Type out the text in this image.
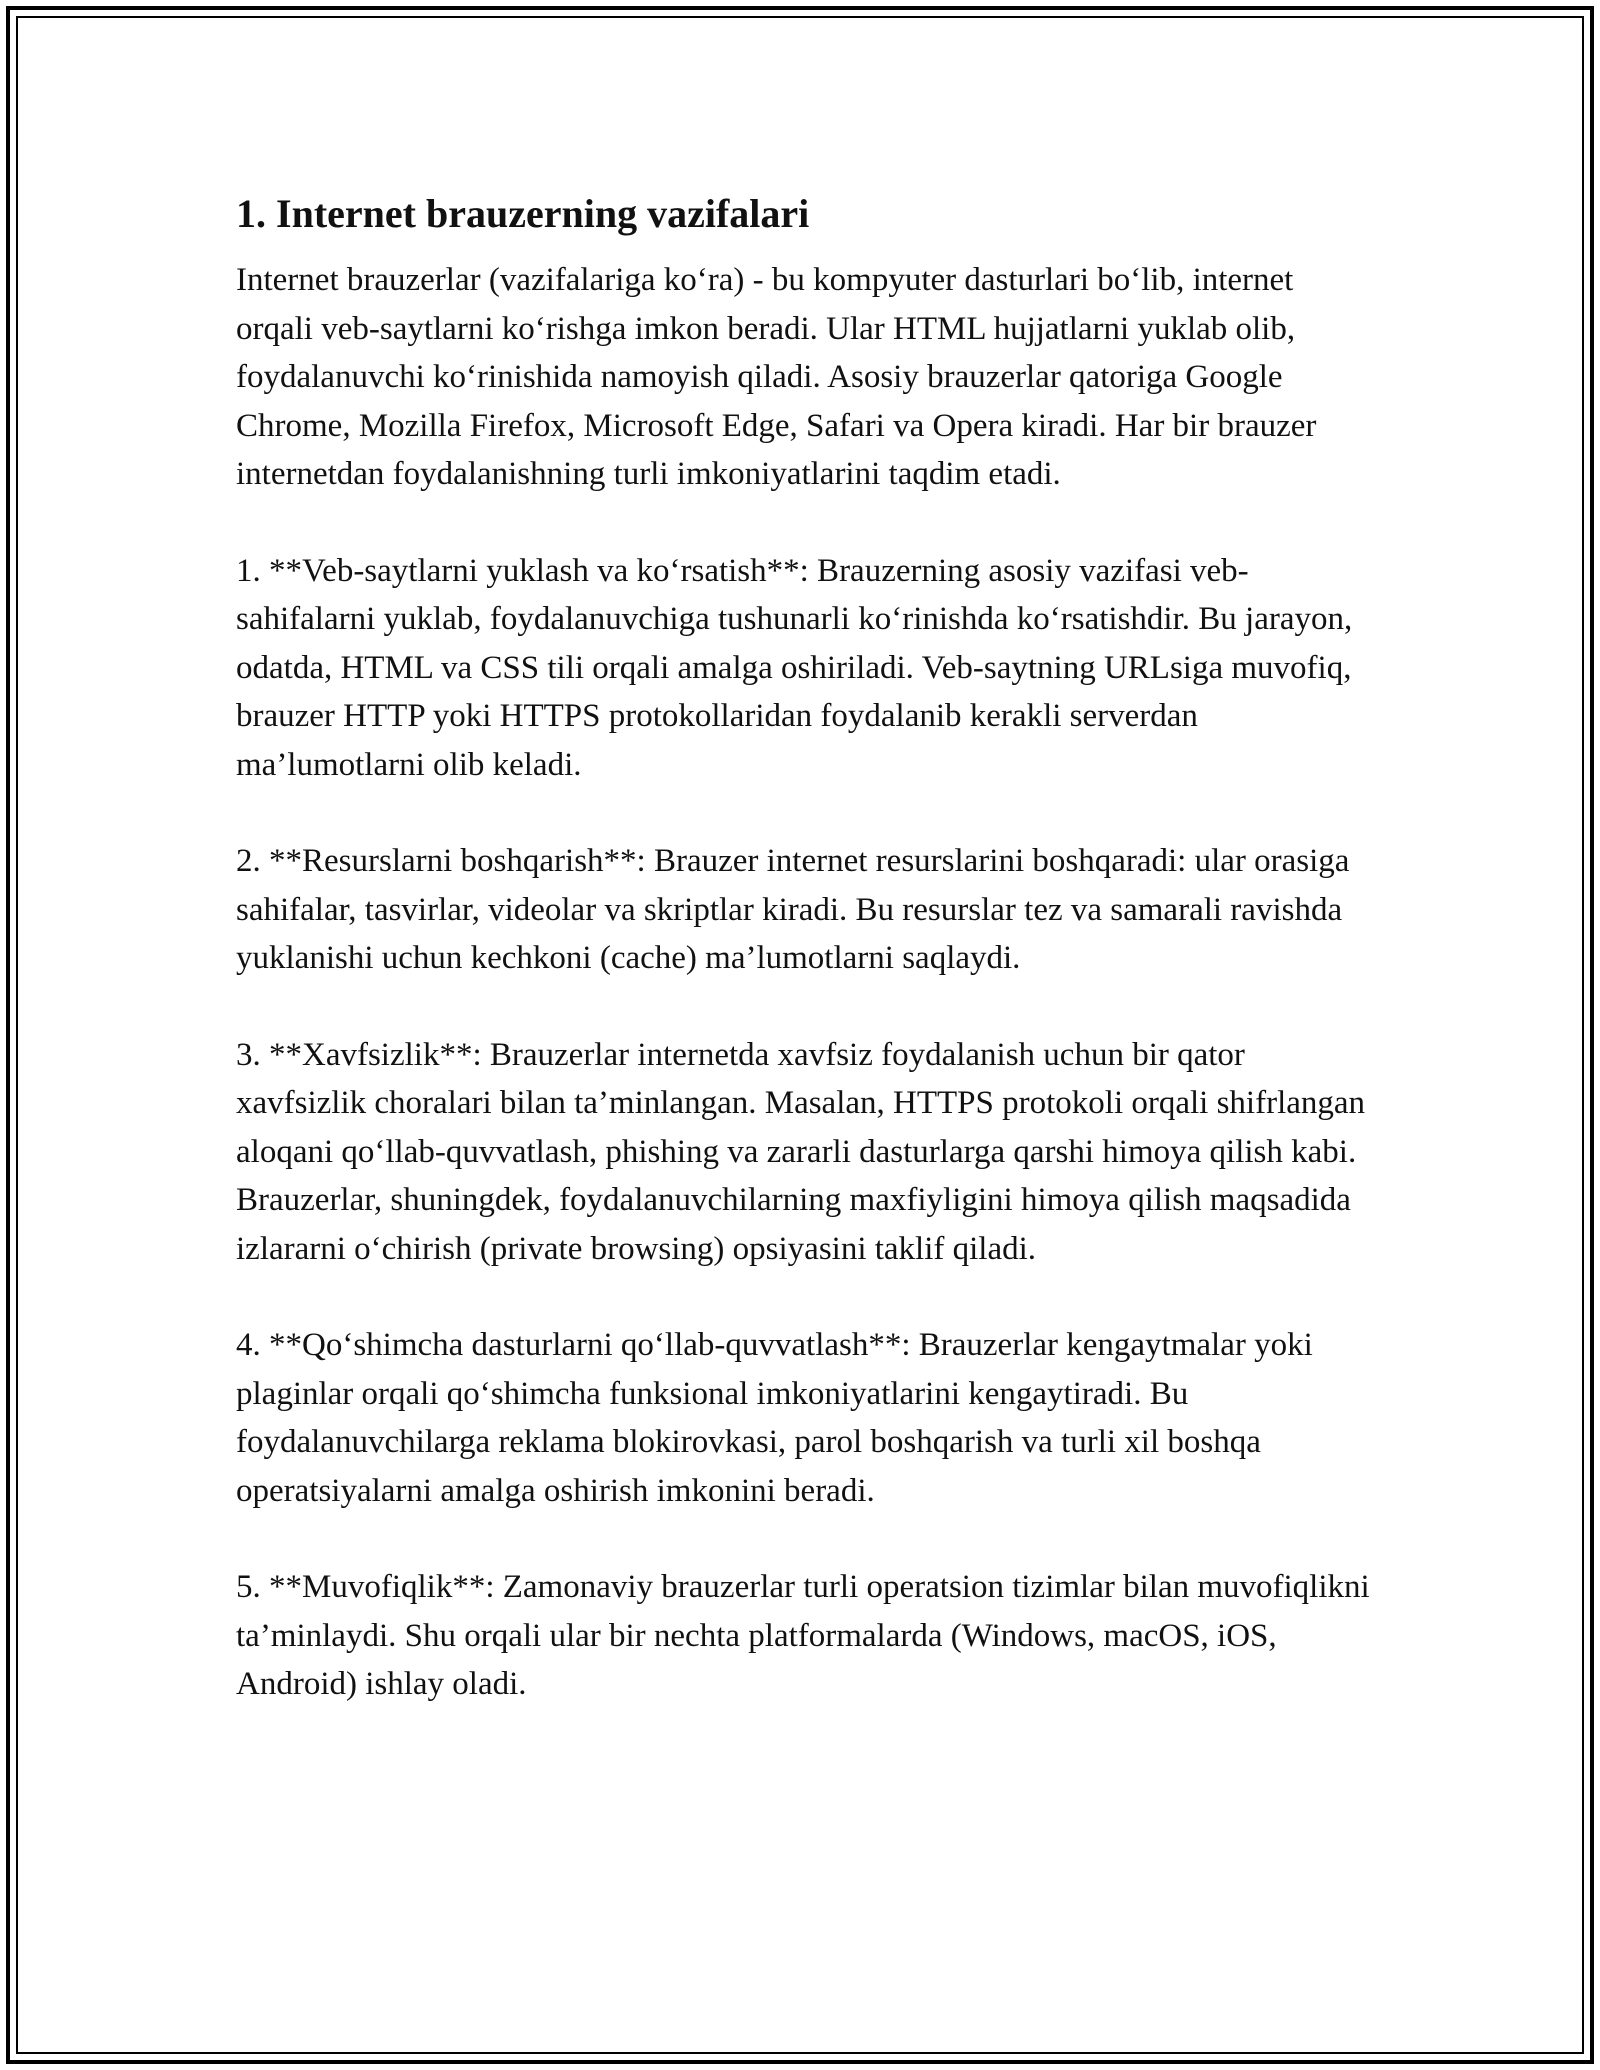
1. Internet brauzerning vazifalari

Internet brauzerlar (vazifalariga koʻra) - bu kompyuter dasturlari boʻlib, internet orqali veb-saytlarni koʻrishga imkon beradi. Ular HTML hujjatlarni yuklab olib, foydalanuvchi koʻrinishida namoyish qiladi. Asosiy brauzerlar qatoriga Google Chrome, Mozilla Firefox, Microsoft Edge, Safari va Opera kiradi. Har bir brauzer internetdan foydalanishning turli imkoniyatlarini taqdim etadi.

1. **Veb-saytlarni yuklash va koʻrsatish**: Brauzerning asosiy vazifasi veb-sahifalarni yuklab, foydalanuvchiga tushunarli koʻrinishda koʻrsatishdir. Bu jarayon, odatda, HTML va CSS tili orqali amalga oshiriladi. Veb-saytning URLsiga muvofiq, brauzer HTTP yoki HTTPS protokollaridan foydalanib kerakli serverdan ma’lumotlarni olib keladi.

2. **Resurslarni boshqarish**: Brauzer internet resurslarini boshqaradi: ular orasiga sahifalar, tasvirlar, videolar va skriptlar kiradi. Bu resurslar tez va samarali ravishda yuklanishi uchun kechkoni (cache) ma’lumotlarni saqlaydi.

3. **Xavfsizlik**: Brauzerlar internetda xavfsiz foydalanish uchun bir qator xavfsizlik choralari bilan ta’minlangan. Masalan, HTTPS protokoli orqali shifrlangan aloqani qoʻllab-quvvatlash, phishing va zararli dasturlarga qarshi himoya qilish kabi. Brauzerlar, shuningdek, foydalanuvchilarning maxfiyligini himoya qilish maqsadida izlararni oʻchirish (private browsing) opsiyasini taklif qiladi.

4. **Qoʻshimcha dasturlarni qoʻllab-quvvatlash**: Brauzerlar kengaytmalar yoki plaginlar orqali qoʻshimcha funksional imkoniyatlarini kengaytiradi. Bu foydalanuvchilarga reklama blokirovkasi, parol boshqarish va turli xil boshqa operatsiyalarni amalga oshirish imkonini beradi.

5. **Muvofiqlik**: Zamonaviy brauzerlar turli operatsion tizimlar bilan muvofiqlikni ta’minlaydi. Shu orqali ular bir nechta platformalarda (Windows, macOS, iOS, Android) ishlay oladi.
